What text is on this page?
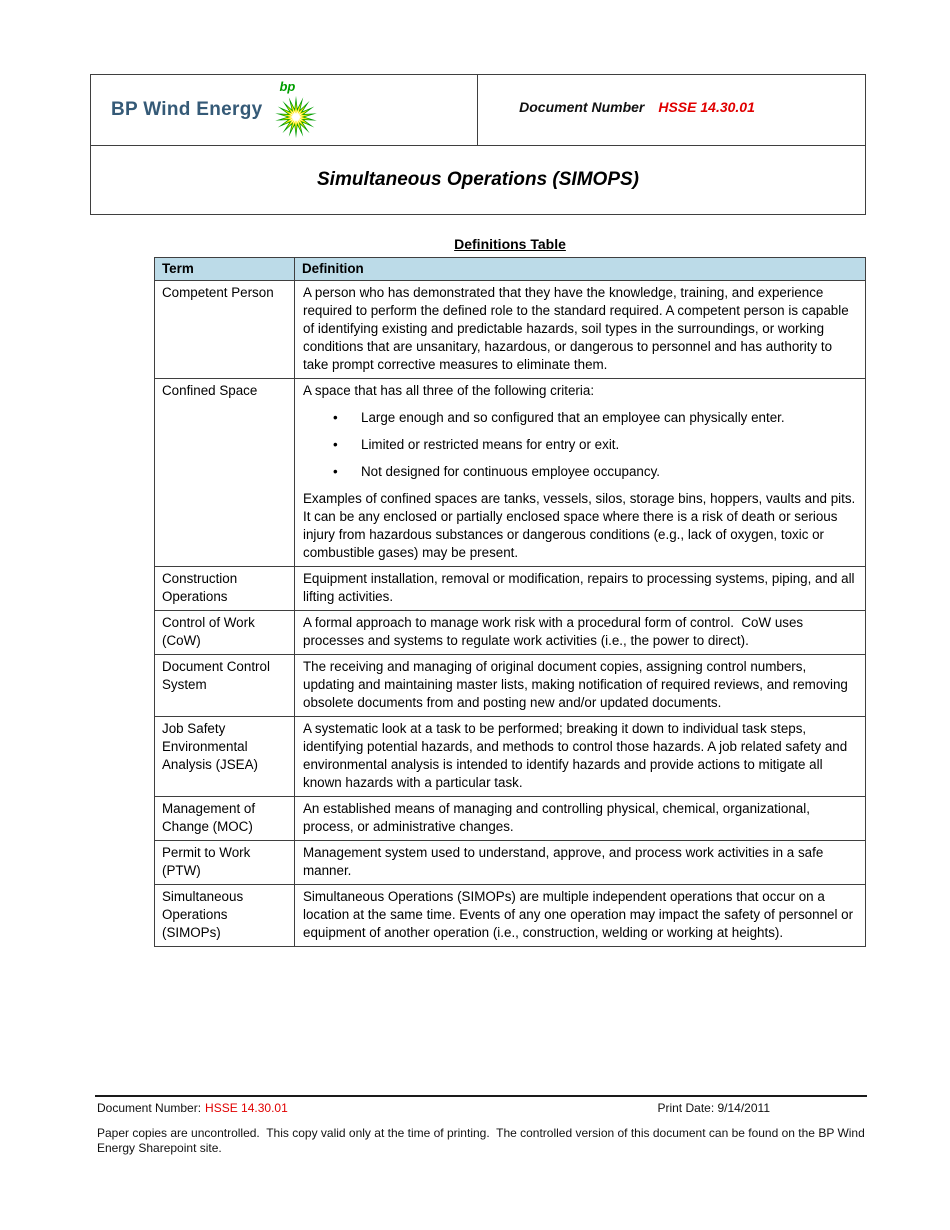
BP Wind Energy
bp

Document Number HSSE 14.30.01

Simultaneous Operations (SIMOPS)
Definitions Table
Term	Definition
Competent Person	A person who has demonstrated that they have the knowledge, training, and experience required to perform the defined role to the standard required. A competent person is capable of identifying existing and predictable hazards, soil types in the surroundings, or working conditions that are unsanitary, hazardous, or dangerous to personnel and has authority to take prompt corrective measures to eliminate them.

Confined Space	A space that has all three of the following criteria:
•	Large enough and so configured that an employee can physically enter.
•	Limited or restricted means for entry or exit.
•	Not designed for continuous employee occupancy.
Examples of confined spaces are tanks, vessels, silos, storage bins, hoppers, vaults and pits. It can be any enclosed or partially enclosed space where there is a risk of death or serious injury from hazardous substances or dangerous conditions (e.g., lack of oxygen, toxic or combustible gases) may be present.

Construction Operations	Equipment installation, removal or modification, repairs to processing systems, piping, and all lifting activities.

Control of Work (CoW)	A formal approach to manage work risk with a procedural form of control.  CoW uses processes and systems to regulate work activities (i.e., the power to direct).

Document Control System	The receiving and managing of original document copies, assigning control numbers, updating and maintaining master lists, making notification of required reviews, and removing obsolete documents from and posting new and/or updated documents.

Job Safety Environmental Analysis (JSEA)	A systematic look at a task to be performed; breaking it down to individual task steps, identifying potential hazards, and methods to control those hazards. A job related safety and environmental analysis is intended to identify hazards and provide actions to mitigate all known hazards with a particular task.

Management of Change (MOC)	An established means of managing and controlling physical, chemical, organizational, process, or administrative changes.

Permit to Work (PTW)	Management system used to understand, approve, and process work activities in a safe manner.

Simultaneous Operations (SIMOPs)	Simultaneous Operations (SIMOPs) are multiple independent operations that occur on a location at the same time. Events of any one operation may impact the safety of personnel or equipment of another operation (i.e., construction, welding or working at heights).
Document Number: HSSE 14.30.01	Print Date: 9/14/2011
Paper copies are uncontrolled.  This copy valid only at the time of printing.  The controlled version of this document can be found on the BP Wind Energy Sharepoint site.
